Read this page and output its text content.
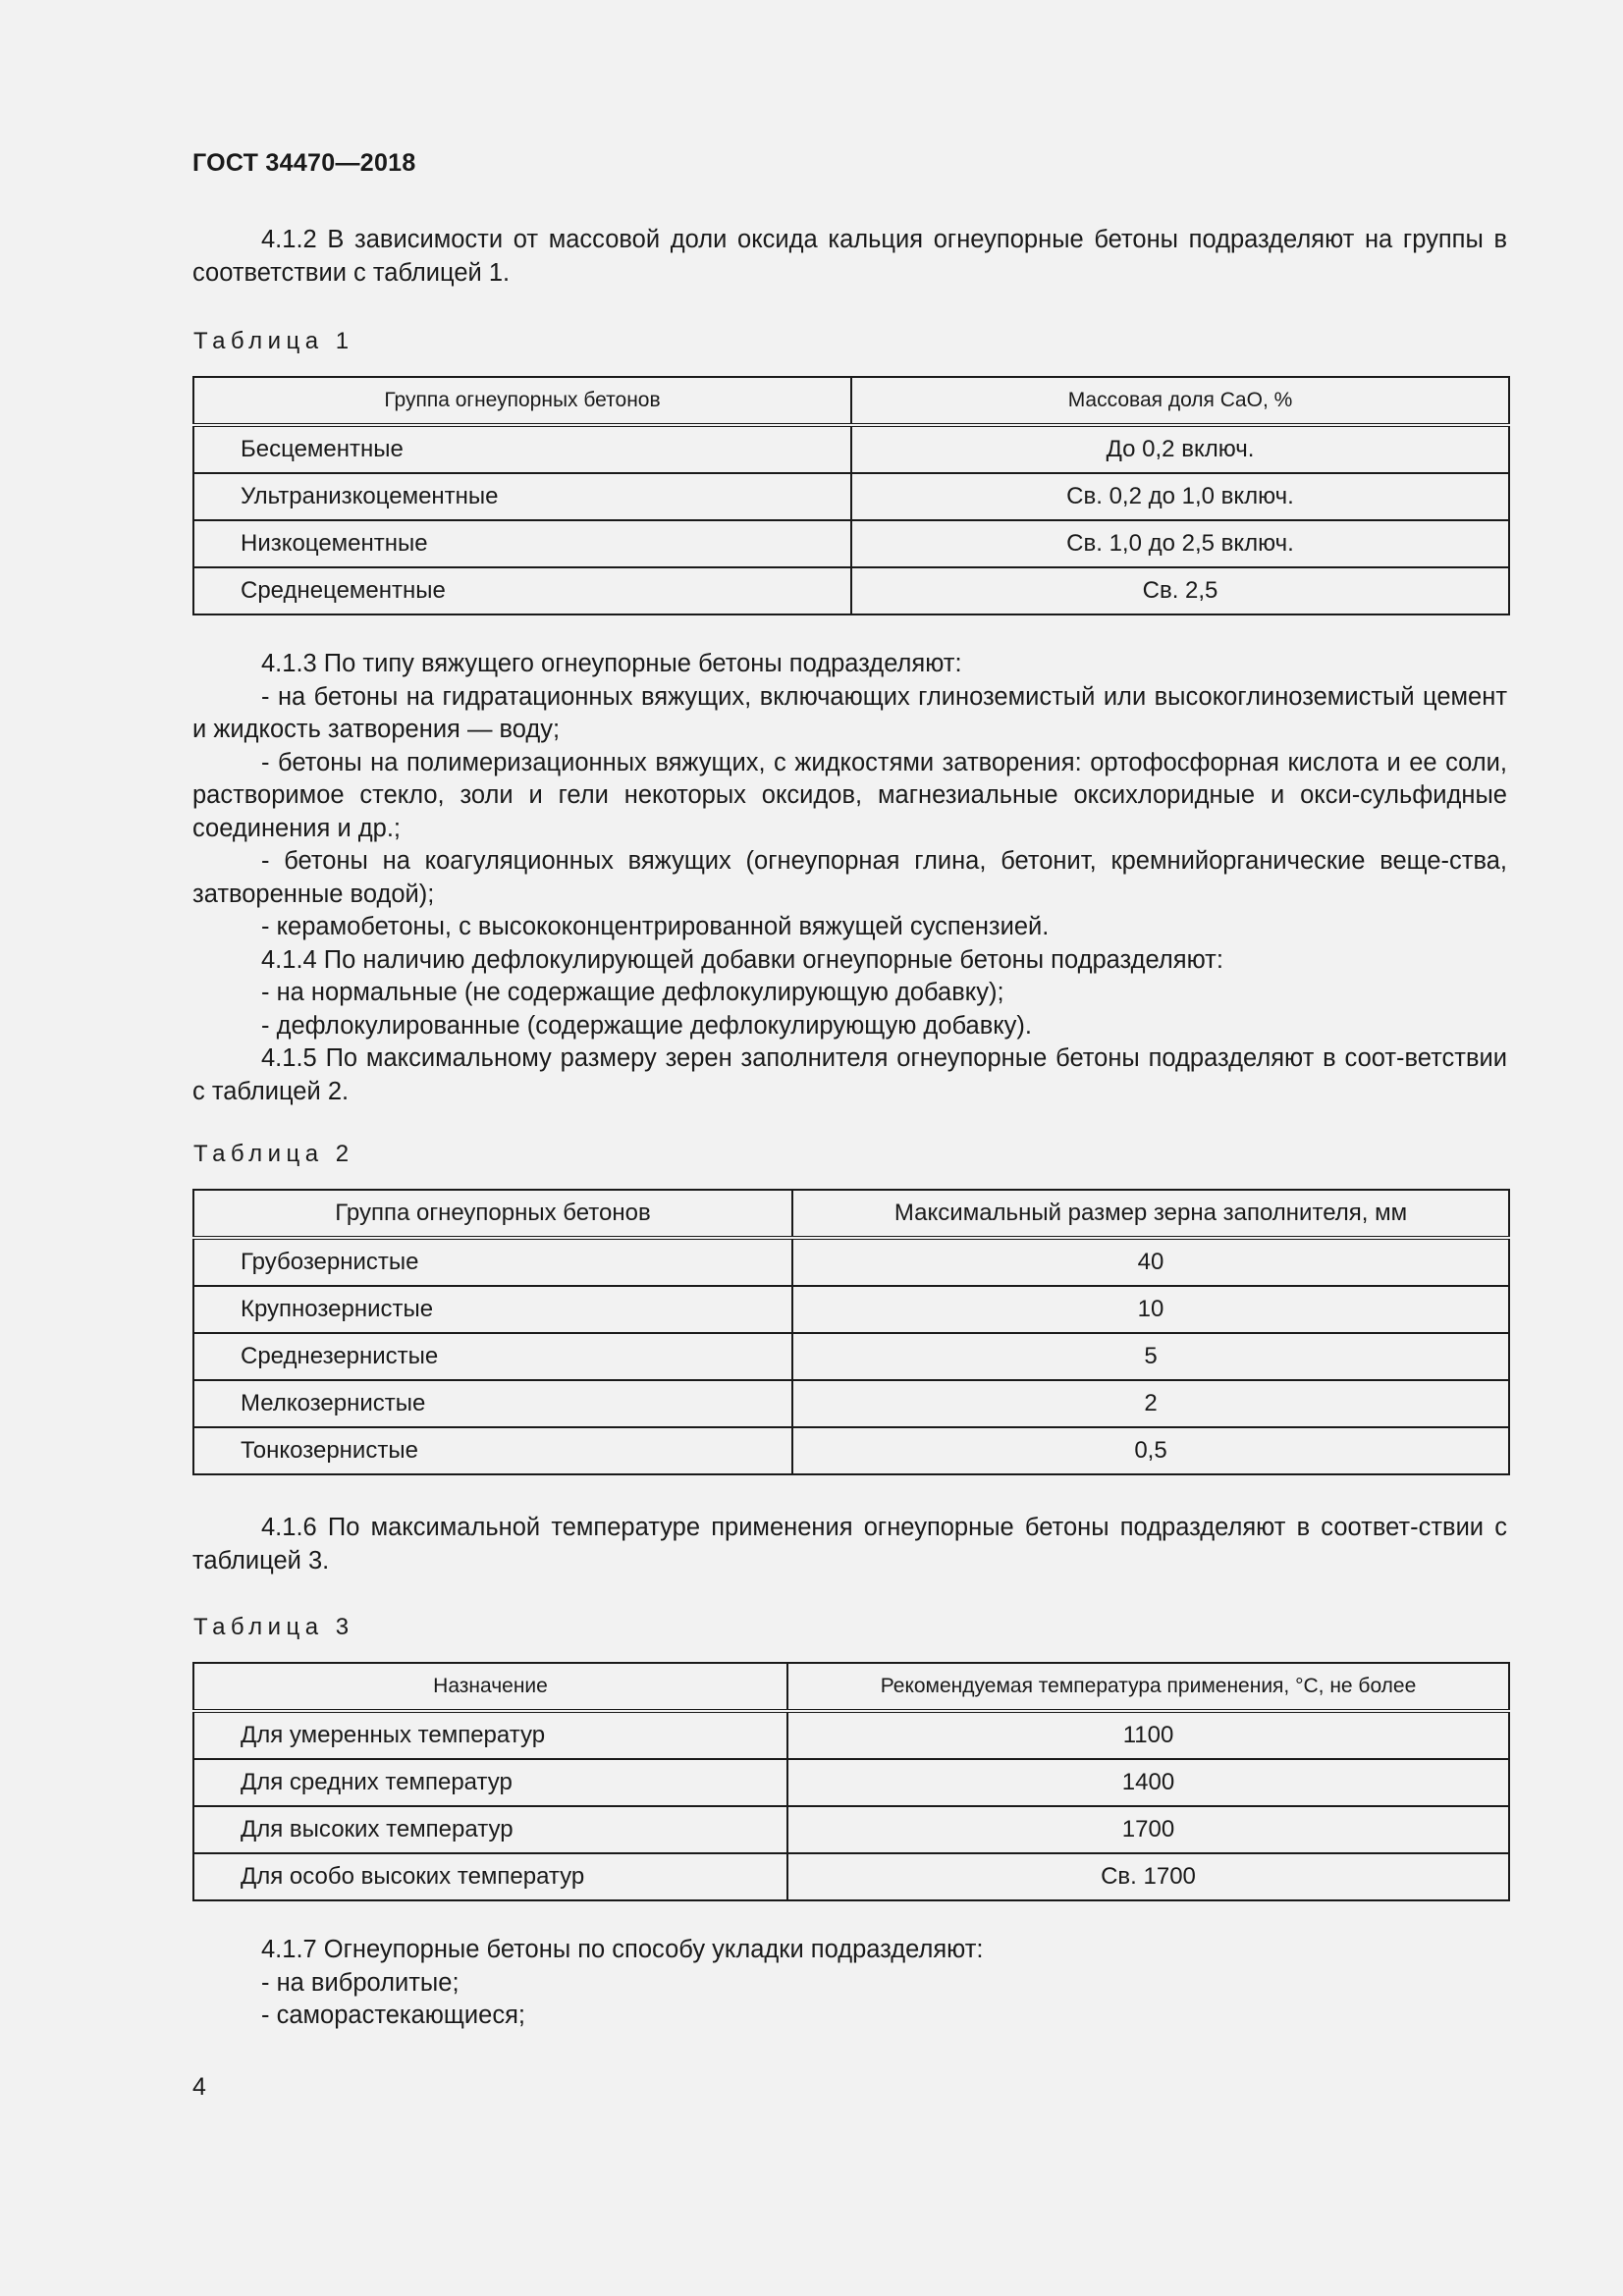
ГОСТ 34470—2018

4.1.2 В зависимости от массовой доли оксида кальция огнеупорные бетоны подразделяют на группы в соответствии с таблицей 1.

Таблица 1
Группа огнеупорных бетонов	Массовая доля CaO, %
Бесцементные	До 0,2 включ.
Ультранизкоцементные	Св. 0,2 до 1,0 включ.
Низкоцементные	Св. 1,0 до 2,5 включ.
Среднецементные	Св. 2,5

4.1.3 По типу вяжущего огнеупорные бетоны подразделяют:

- на бетоны на гидратационных вяжущих, включающих глиноземистый или высокоглиноземистый цемент и жидкость затворения — воду;

- бетоны на полимеризационных вяжущих, с жидкостями затворения: ортофосфорная кислота и ее соли, растворимое стекло, золи и гели некоторых оксидов, магнезиальные оксихлоридные и окси-сульфидные соединения и др.;

- бетоны на коагуляционных вяжущих (огнеупорная глина, бетонит, кремнийорганические веще-ства, затворенные водой);

- керамобетоны, с высококонцентрированной вяжущей суспензией.

4.1.4 По наличию дефлокулирующей добавки огнеупорные бетоны подразделяют:

- на нормальные (не содержащие дефлокулирующую добавку);

- дефлокулированные (содержащие дефлокулирующую добавку).

4.1.5 По максимальному размеру зерен заполнителя огнеупорные бетоны подразделяют в соот-ветствии с таблицей 2.

Таблица 2
Группа огнеупорных бетонов	Максимальный размер зерна заполнителя, мм
Грубозернистые	40
Крупнозернистые	10
Среднезернистые	5
Мелкозернистые	2
Тонкозернистые	0,5

4.1.6 По максимальной температуре применения огнеупорные бетоны подразделяют в соответ-ствии с таблицей 3.

Таблица 3
Назначение	Рекомендуемая температура применения, °С, не более
Для умеренных температур	1100
Для средних температур	1400
Для высоких температур	1700
Для особо высоких температур	Св. 1700

4.1.7 Огнеупорные бетоны по способу укладки подразделяют:

- на вибролитые;

- саморастекающиеся;

4
